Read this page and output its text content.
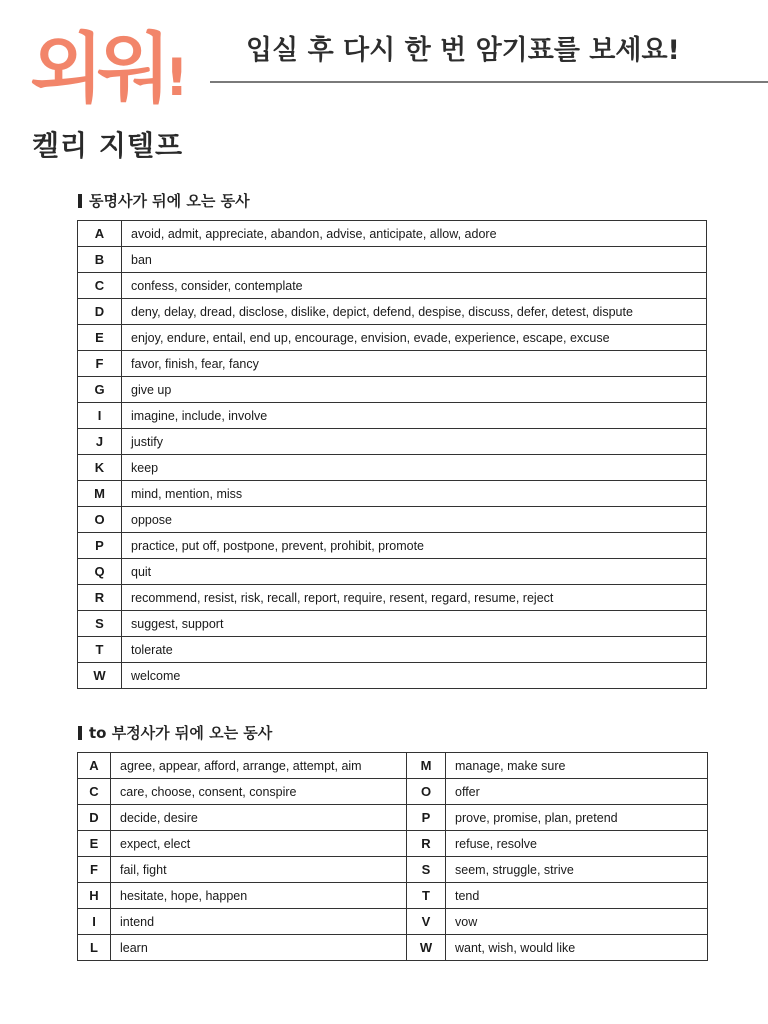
외워!
켈리 지텔프
입실 후 다시 한 번 암기표를 보세요!
동명사가 뒤에 오는 동사
A	avoid, admit, appreciate, abandon, advise, anticipate, allow, adore
B	ban
C	confess, consider, contemplate
D	deny, delay, dread, disclose, dislike, depict, defend, despise, discuss, defer, detest, dispute
E	enjoy, endure, entail, end up, encourage, envision, evade, experience, escape, excuse
F	favor, finish, fear, fancy
G	give up
I	imagine, include, involve
J	justify
K	keep
M	mind, mention, miss
O	oppose
P	practice, put off, postpone, prevent, prohibit, promote
Q	quit
R	recommend, resist, risk, recall, report, require, resent, regard, resume, reject
S	suggest, support
T	tolerate
W	welcome
to 부정사가 뒤에 오는 동사
A	agree, appear, afford, arrange, attempt, aim	M	manage, make sure
C	care, choose, consent, conspire	O	offer
D	decide, desire	P	prove, promise, plan, pretend
E	expect, elect	R	refuse, resolve
F	fail, fight	S	seem, struggle, strive
H	hesitate, hope, happen	T	tend
I	intend	V	vow
L	learn	W	want, wish, would like
